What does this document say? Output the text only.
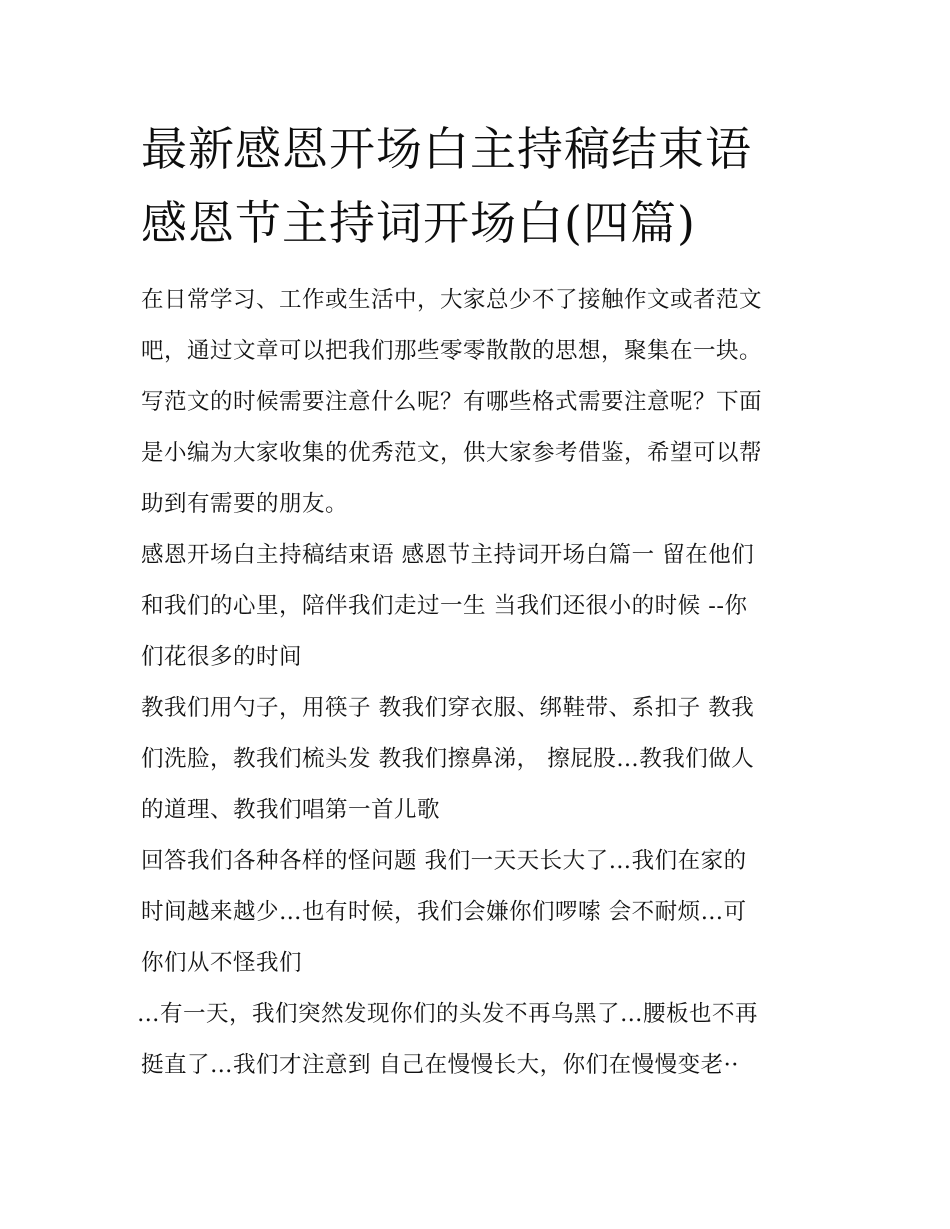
最新感恩开场白主持稿结束语
感恩节主持词开场白(四篇)

在日常学习、工作或生活中，大家总少不了接触作文或者范文
吧，通过文章可以把我们那些零零散散的思想，聚集在一块。
写范文的时候需要注意什么呢？有哪些格式需要注意呢？下面
是小编为大家收集的优秀范文，供大家参考借鉴，希望可以帮
助到有需要的朋友。

感恩开场白主持稿结束语 感恩节主持词开场白篇一 留在他们
和我们的心里，陪伴我们走过一生 当我们还很小的时候 --你
们花很多的时间

教我们用勺子，用筷子 教我们穿衣服、绑鞋带、系扣子 教我
们洗脸，教我们梳头发 教我们擦鼻涕， 擦屁股…教我们做人
的道理、教我们唱第一首儿歌

回答我们各种各样的怪问题 我们一天天长大了…我们在家的
时间越来越少…也有时候，我们会嫌你们啰嗦 会不耐烦…可
你们从不怪我们

…有一天，我们突然发现你们的头发不再乌黑了…腰板也不再
挺直了…我们才注意到 自己在慢慢长大，你们在慢慢变老··
